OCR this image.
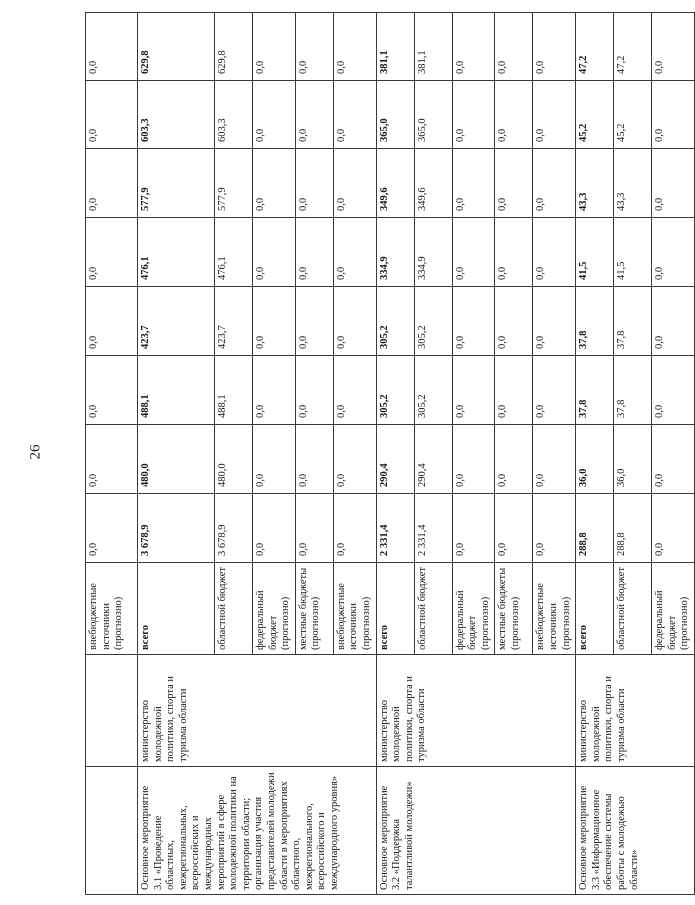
26
		внебюджетные источники (прогнозно)	0,0	0,0	0,0	0,0	0,0	0,0	0,0	0,0
Основное мероприятие 3.1 «Проведение областных, межрегиональных, всероссийских и международных мероприятий в сфере молодежной политики на территории области; организация участия представителей молодежи области в мероприятиях областного, межрегионального, всероссийского и международного уровня»	министерство молодежной политики, спорта и туризма области	всего	3 678,9	480,0	488,1	423,7	476,1	577,9	603,3	629,8
		областной бюджет	3 678,9	480,0	488,1	423,7	476,1	577,9	603,3	629,8
		федеральный бюджет (прогнозно)	0,0	0,0	0,0	0,0	0,0	0,0	0,0	0,0
		местные бюджеты (прогнозно)	0,0	0,0	0,0	0,0	0,0	0,0	0,0	0,0
		внебюджетные источники (прогнозно)	0,0	0,0	0,0	0,0	0,0	0,0	0,0	0,0
Основное мероприятие 3.2 «Поддержка талантливой молодежи»	министерство молодежной политики, спорта и туризма области	всего	2 331,4	290,4	305,2	305,2	334,9	349,6	365,0	381,1
		областной бюджет	2 331,4	290,4	305,2	305,2	334,9	349,6	365,0	381,1
		федеральный бюджет (прогнозно)	0,0	0,0	0,0	0,0	0,0	0,0	0,0	0,0
		местные бюджеты (прогнозно)	0,0	0,0	0,0	0,0	0,0	0,0	0,0	0,0
		внебюджетные источники (прогнозно)	0,0	0,0	0,0	0,0	0,0	0,0	0,0	0,0
Основное мероприятие 3.3 «Информационное обеспечение системы работы с молодежью области»	министерство молодежной политики, спорта и туризма области	всего	288,8	36,0	37,8	37,8	41,5	43,3	45,2	47,2
		областной бюджет	288,8	36,0	37,8	37,8	41,5	43,3	45,2	47,2
		федеральный бюджет (прогнозно)	0,0	0,0	0,0	0,0	0,0	0,0	0,0	0,0
